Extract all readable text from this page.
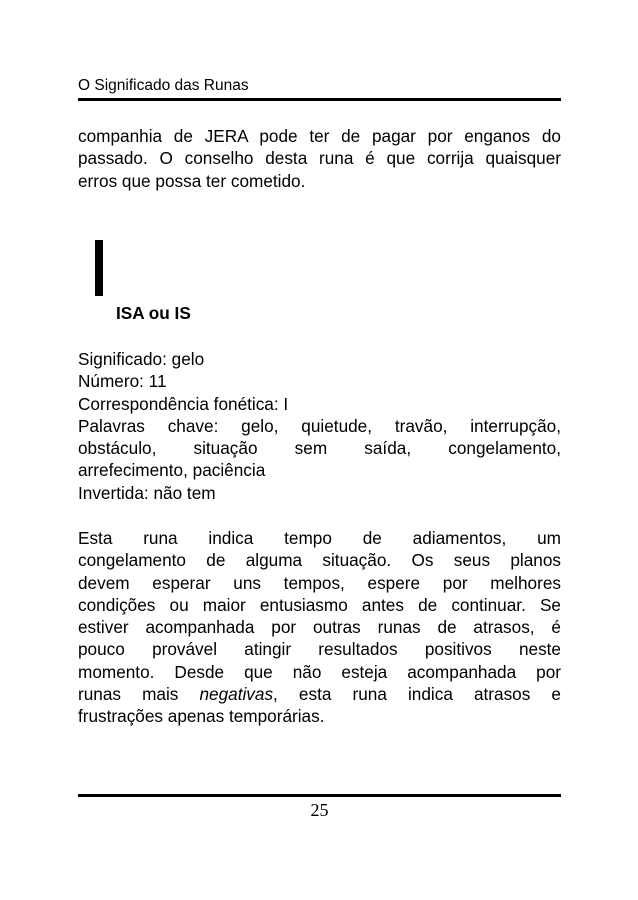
O Significado das Runas
companhia de JERA pode ter de pagar por enganos do
passado. O conselho desta runa é que corrija quaisquer
erros que possa ter cometido.
ISA ou IS
Significado: gelo
Número: 11
Correspondência fonética: I
Palavras chave: gelo, quietude, travão, interrupção,
obstáculo, situação sem saída, congelamento,
arrefecimento, paciência
Invertida: não tem
Esta runa indica tempo de adiamentos, um
congelamento de alguma situação. Os seus planos
devem esperar uns tempos, espere por melhores
condições ou maior entusiasmo antes de continuar. Se
estiver acompanhada por outras runas de atrasos, é
pouco provável atingir resultados positivos neste
momento. Desde que não esteja acompanhada por
runas mais negativas, esta runa indica atrasos e
frustrações apenas temporárias.
25
